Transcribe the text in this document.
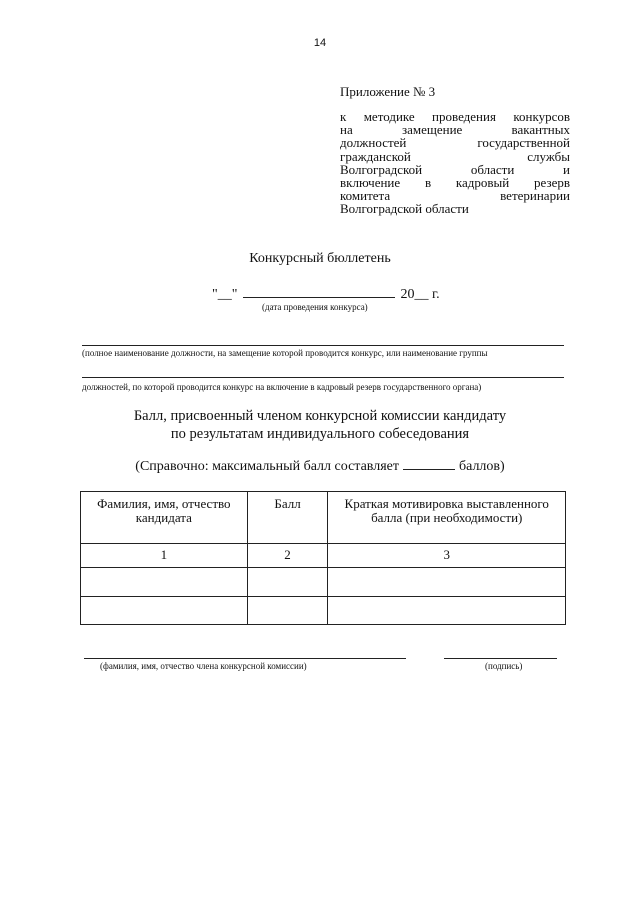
14
Приложение № 3
к методике проведения конкурсов
на замещение вакантных
должностей государственной
гражданской службы
Волгоградской области и
включение в кадровый резерв
комитета ветеринарии
Волгоградской области
Конкурсный бюллетень
"__"	20__ г.
(дата проведения конкурса)
(полное наименование должности, на замещение которой проводится конкурс, или наименование группы
должностей, по которой проводится конкурс на включение в кадровый резерв государственного органа)
Балл, присвоенный членом конкурсной комиссии кандидату
по результатам индивидуального собеседования
(Справочно: максимальный балл составляет	баллов)
Фамилия, имя, отчество кандидата	Балл	Краткая мотивировка выставленного балла (при необходимости)
1	2	3

(фамилия, имя, отчество члена конкурсной комиссии)	(подпись)
